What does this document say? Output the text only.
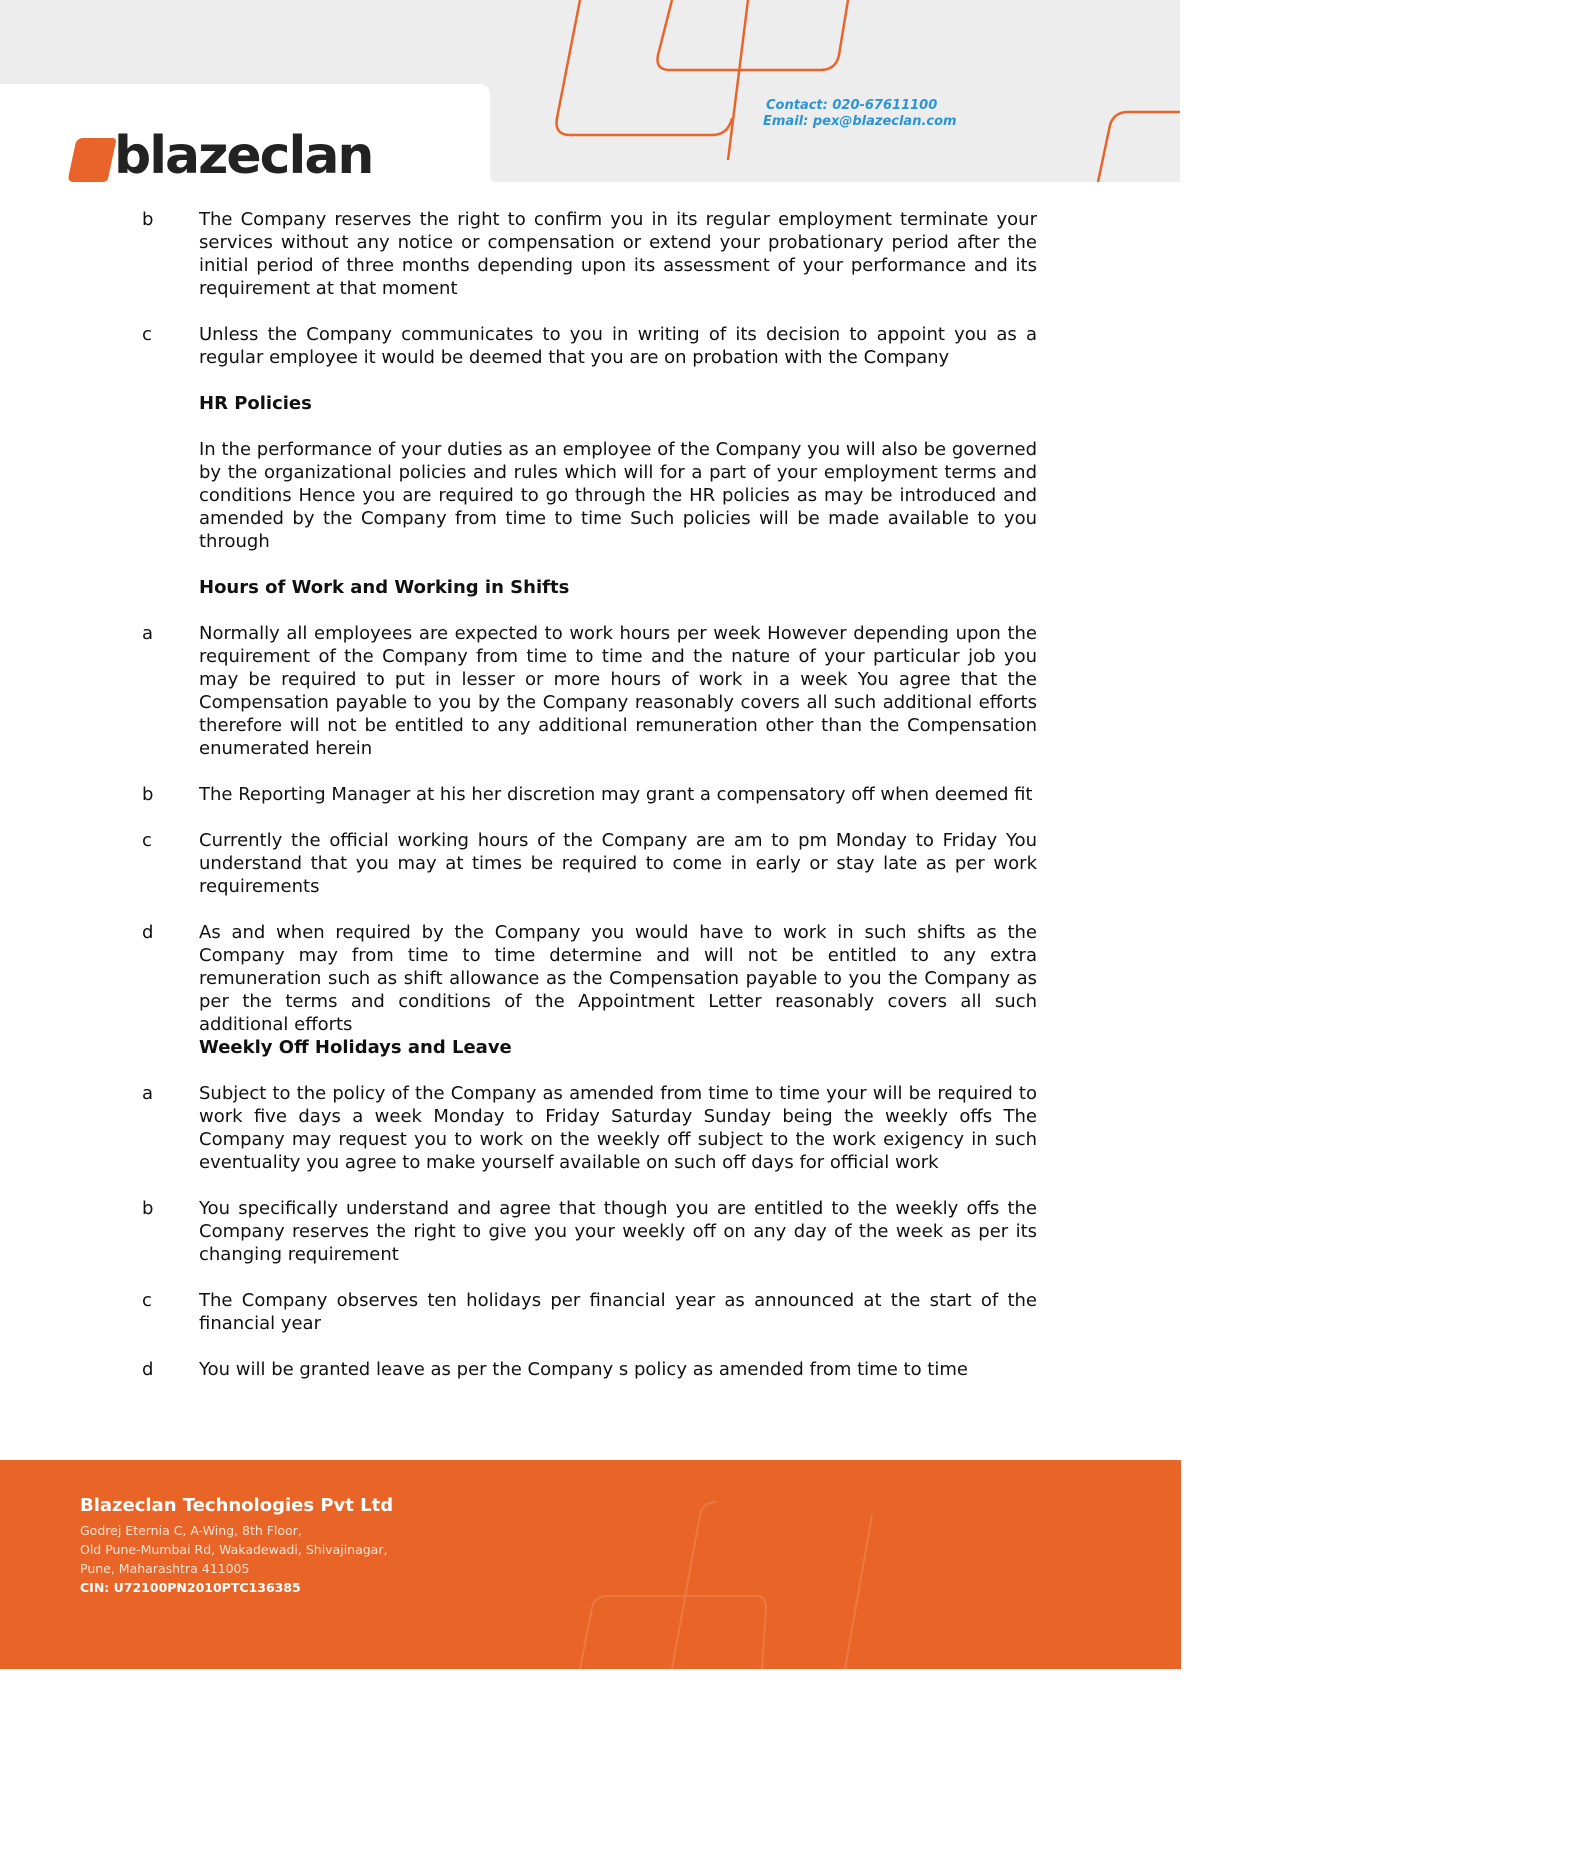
Contact: 020-67611100
Email: pex@blazeclan.com
blazeclan
b	The Company reserves the right to confirm you in its regular employment terminate your services without any notice or compensation or extend your probationary period after the initial period of three months depending upon its assessment of your performance and its requirement at that moment
c	Unless the Company communicates to you in writing of its decision to appoint you as a regular employee it would be deemed that you are on probation with the Company
HR Policies
In the performance of your duties as an employee of the Company you will also be governed by the organizational policies and rules which will for a part of your employment terms and conditions Hence you are required to go through the HR policies as may be introduced and amended by the Company from time to time Such policies will be made available to you through
Hours of Work and Working in Shifts
a	Normally all employees are expected to work hours per week However depending upon the requirement of the Company from time to time and the nature of your particular job you may be required to put in lesser or more hours of work in a week You agree that the Compensation payable to you by the Company reasonably covers all such additional efforts therefore will not be entitled to any additional remuneration other than the Compensation enumerated herein
b	The Reporting Manager at his her discretion may grant a compensatory off when deemed fit
c	Currently the official working hours of the Company are am to pm Monday to Friday You understand that you may at times be required to come in early or stay late as per work requirements
d	As and when required by the Company you would have to work in such shifts as the Company may from time to time determine and will not be entitled to any extra remuneration such as shift allowance as the Compensation payable to you the Company as per the terms and conditions of the Appointment Letter reasonably covers all such additional efforts
Weekly Off Holidays and Leave
a	Subject to the policy of the Company as amended from time to time your will be required to work five days a week Monday to Friday Saturday Sunday being the weekly offs The Company may request you to work on the weekly off subject to the work exigency in such eventuality you agree to make yourself available on such off days for official work
b	You specifically understand and agree that though you are entitled to the weekly offs the Company reserves the right to give you your weekly off on any day of the week as per its changing requirement
c	The Company observes ten holidays per financial year as announced at the start of the financial year
d	You will be granted leave as per the Company s policy as amended from time to time
Blazeclan Technologies Pvt Ltd
Godrej Eternia C, A-Wing, 8th Floor,
Old Pune-Mumbai Rd, Wakadewadi, Shivajinagar,
Pune, Maharashtra 411005
CIN: U72100PN2010PTC136385
